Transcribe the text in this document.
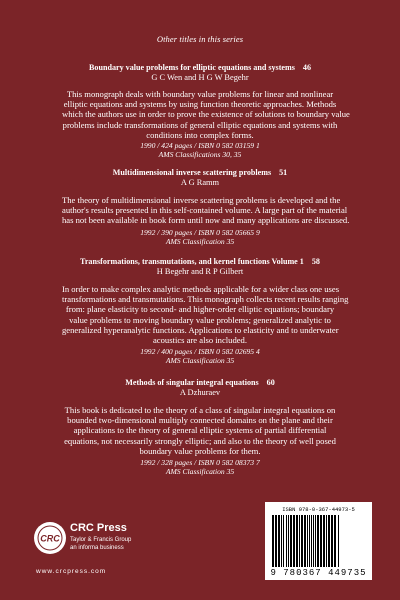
Other titles in this series
Boundary value problems for elliptic equations and systems 46
G C Wen and H G W Begehr
This monograph deals with boundary value problems for linear and nonlinear
elliptic equations and systems by using function theoretic approaches. Methods
which the authors use in order to prove the existence of solutions to boundary value
problems include transformations of general elliptic equations and systems with
conditions into complex forms.
1990 / 424 pages / ISBN 0 582 03159 1
AMS Classifications 30, 35
Multidimensional inverse scattering problems 51
A G Ramm
The theory of multidimensional inverse scattering problems is developed and the
author's results presented in this self-contained volume. A large part of the material
has not been available in book form until now and many applications are discussed.
1992 / 390 pages / ISBN 0 582 05665 9
AMS Classification 35
Transformations, transmutations, and kernel functions Volume 1 58
H Begehr and R P Gilbert
In order to make complex analytic methods applicable for a wider class one uses
transformations and transmutations. This monograph collects recent results ranging
from: plane elasticity to second- and higher-order elliptic equations; boundary
value problems to moving boundary value problems; generalized analytic to
generalized hyperanalytic functions. Applications to elasticity and to underwater
acoustics are also included.
1992 / 400 pages / ISBN 0 582 02695 4
AMS Classification 35
Methods of singular integral equations 60
A Dzhuraev
This book is dedicated to the theory of a class of singular integral equations on
bounded two-dimensional multiply connected domains on the plane and their
applications to the theory of general elliptic systems of partial differential
equations, not necessarily strongly elliptic; and also to the theory of well posed
boundary value problems for them.
1992 / 328 pages / ISBN 0 582 08373 7
AMS Classification 35
CRC
CRC Press
Taylor & Francis Group
an informa business
www.crcpress.com
ISBN 978-0-367-44973-5
9 780367 449735
